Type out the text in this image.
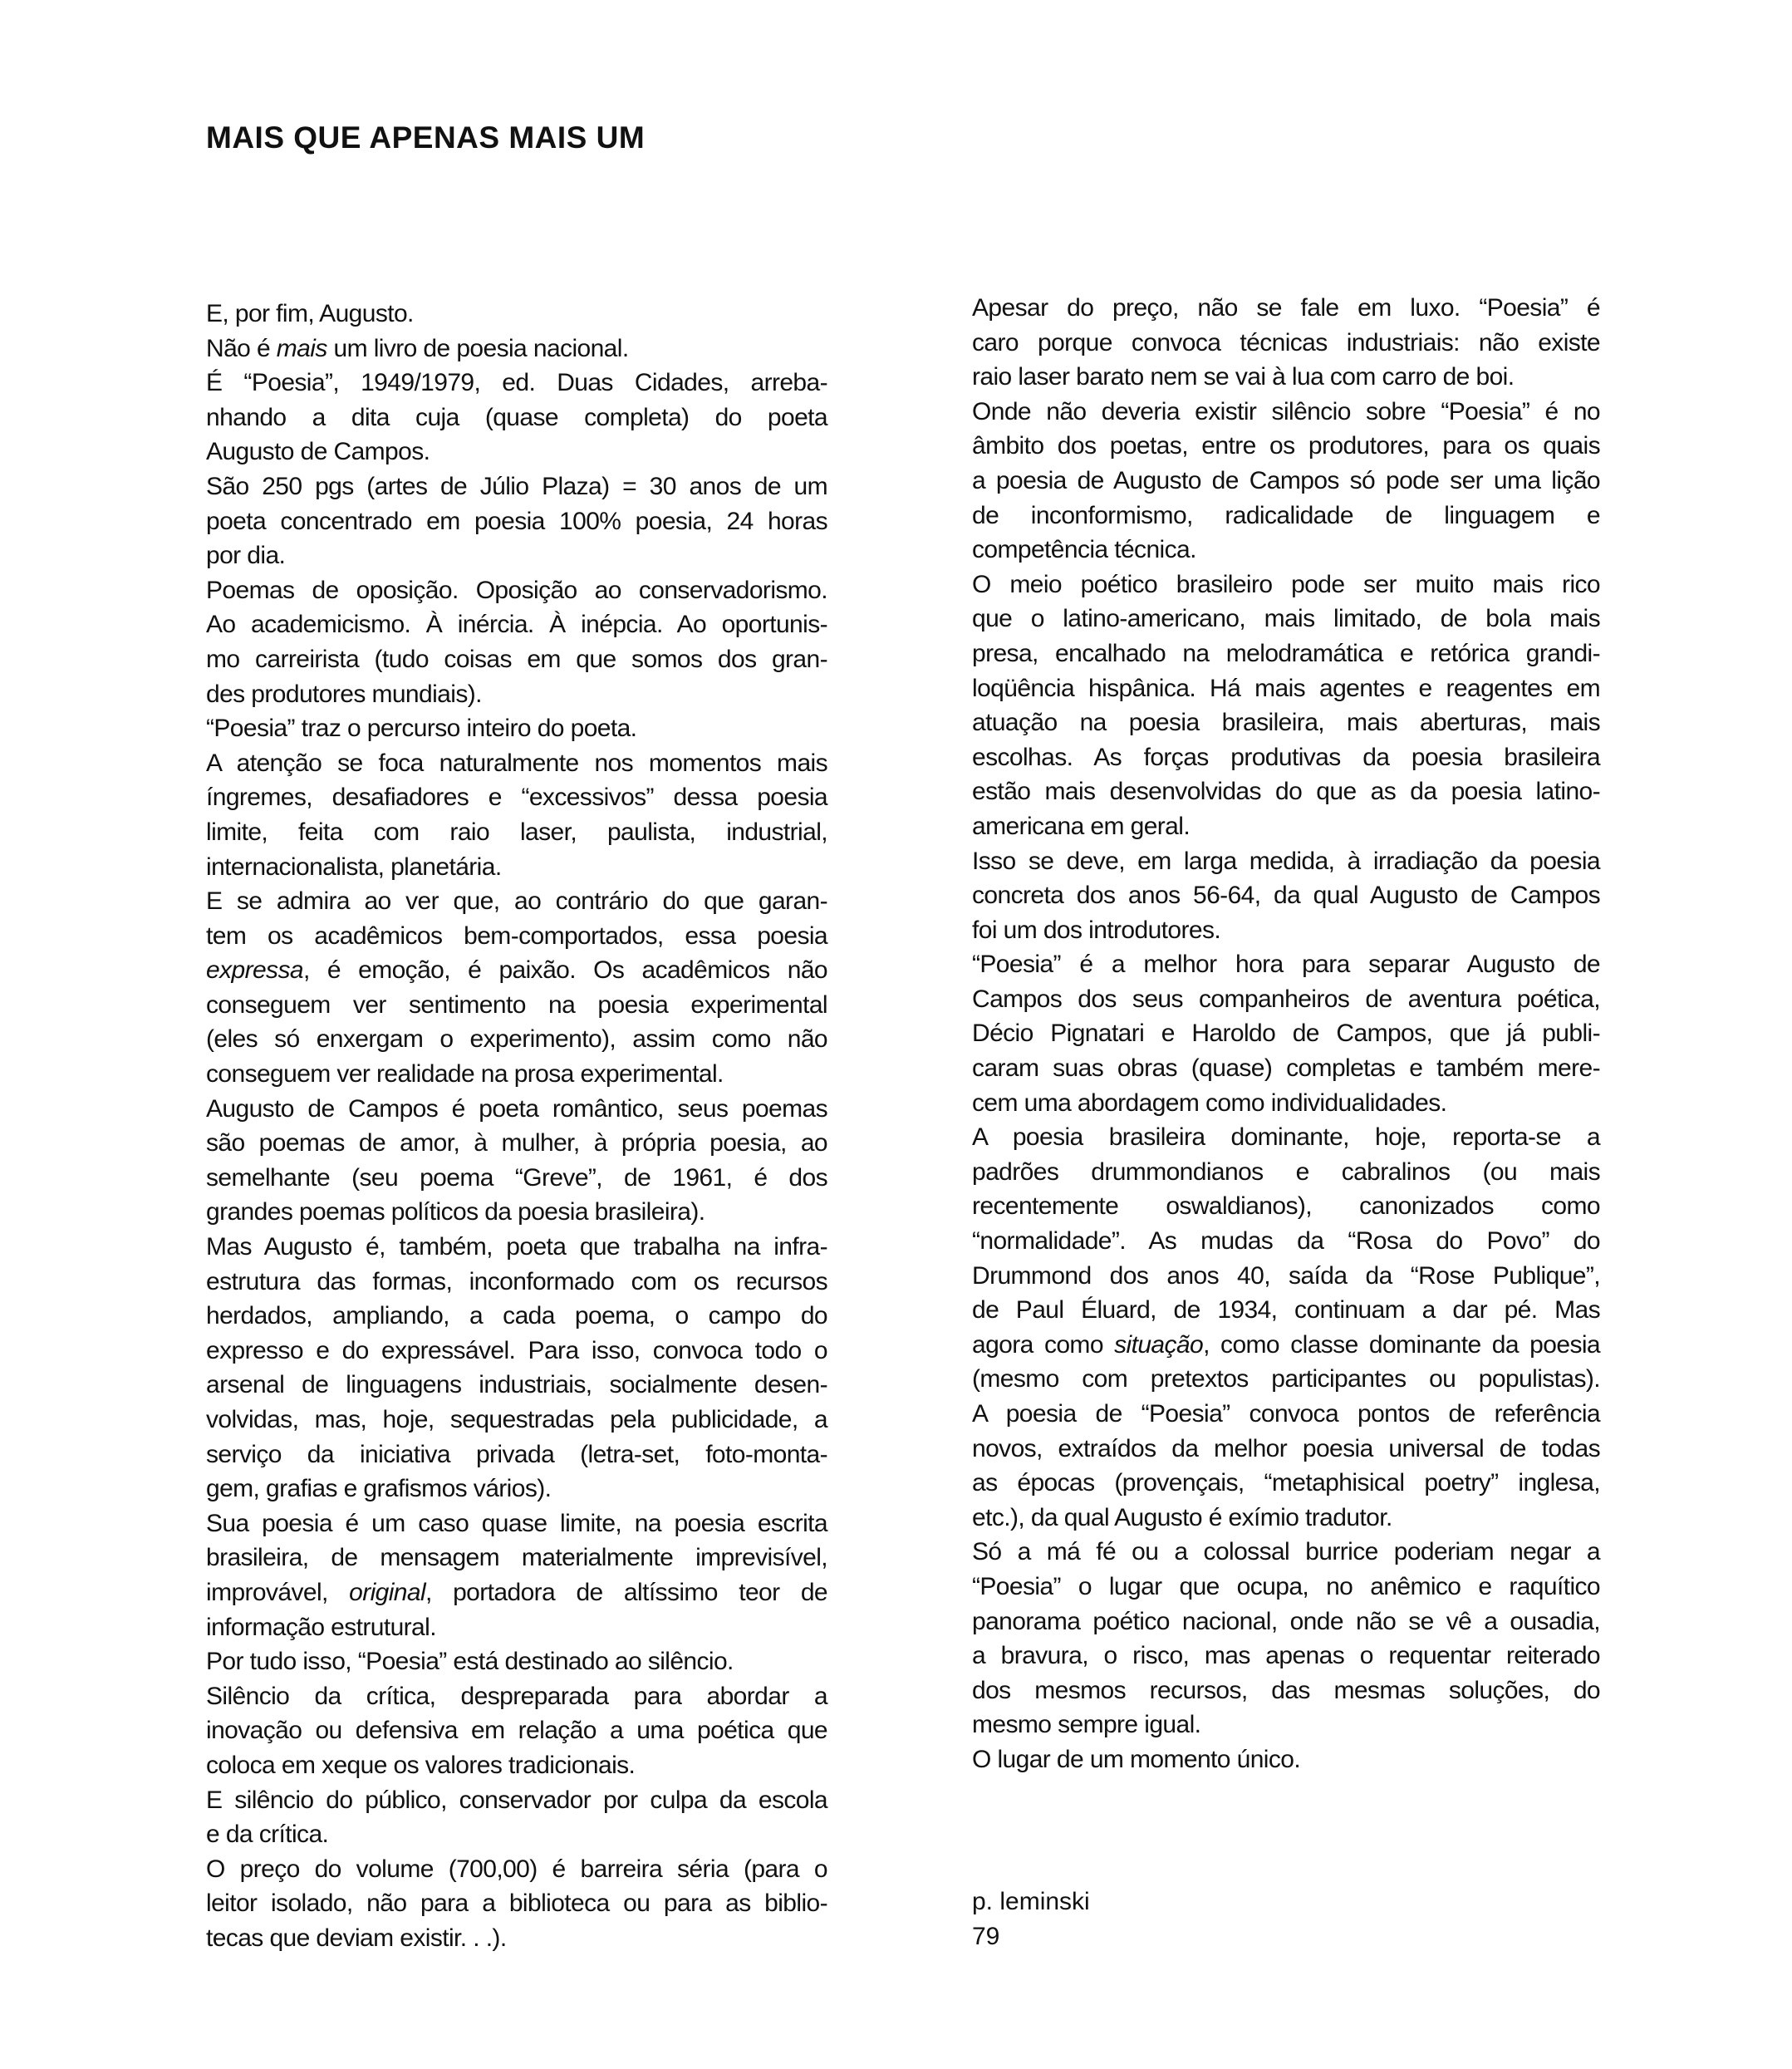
MAIS QUE APENAS MAIS UM
E, por fim, Augusto.
Não é mais um livro de poesia nacional.
É “Poesia”, 1949/1979, ed. Duas Cidades, arreba-
nhando a dita cuja (quase completa) do poeta
Augusto de Campos.
São 250 pgs (artes de Júlio Plaza) = 30 anos de um
poeta concentrado em poesia 100% poesia, 24 horas
por dia.
Poemas de oposição. Oposição ao conservadorismo.
Ao academicismo. À inércia. À inépcia. Ao oportunis-
mo carreirista (tudo coisas em que somos dos gran-
des produtores mundiais).
“Poesia” traz o percurso inteiro do poeta.
A atenção se foca naturalmente nos momentos mais
íngremes, desafiadores e “excessivos” dessa poesia
limite, feita com raio laser, paulista, industrial,
internacionalista, planetária.
E se admira ao ver que, ao contrário do que garan-
tem os acadêmicos bem-comportados, essa poesia
expressa, é emoção, é paixão. Os acadêmicos não
conseguem ver sentimento na poesia experimental
(eles só enxergam o experimento), assim como não
conseguem ver realidade na prosa experimental.
Augusto de Campos é poeta romântico, seus poemas
são poemas de amor, à mulher, à própria poesia, ao
semelhante (seu poema “Greve”, de 1961, é dos
grandes poemas políticos da poesia brasileira).
Mas Augusto é, também, poeta que trabalha na infra-
estrutura das formas, inconformado com os recursos
herdados, ampliando, a cada poema, o campo do
expresso e do expressável. Para isso, convoca todo o
arsenal de linguagens industriais, socialmente desen-
volvidas, mas, hoje, sequestradas pela publicidade, a
serviço da iniciativa privada (letra-set, foto-monta-
gem, grafias e grafismos vários).
Sua poesia é um caso quase limite, na poesia escrita
brasileira, de mensagem materialmente imprevisível,
improvável, original, portadora de altíssimo teor de
informação estrutural.
Por tudo isso, “Poesia” está destinado ao silêncio.
Silêncio da crítica, despreparada para abordar a
inovação ou defensiva em relação a uma poética que
coloca em xeque os valores tradicionais.
E silêncio do público, conservador por culpa da escola
e da crítica.
O preço do volume (700,00) é barreira séria (para o
leitor isolado, não para a biblioteca ou para as biblio-
tecas que deviam existir. . .).
Apesar do preço, não se fale em luxo. “Poesia” é
caro porque convoca técnicas industriais: não existe
raio laser barato nem se vai à lua com carro de boi.
Onde não deveria existir silêncio sobre “Poesia” é no
âmbito dos poetas, entre os produtores, para os quais
a poesia de Augusto de Campos só pode ser uma lição
de inconformismo, radicalidade de linguagem e
competência técnica.
O meio poético brasileiro pode ser muito mais rico
que o latino-americano, mais limitado, de bola mais
presa, encalhado na melodramática e retórica grandi-
loqüência hispânica. Há mais agentes e reagentes em
atuação na poesia brasileira, mais aberturas, mais
escolhas. As forças produtivas da poesia brasileira
estão mais desenvolvidas do que as da poesia latino-
americana em geral.
Isso se deve, em larga medida, à irradiação da poesia
concreta dos anos 56-64, da qual Augusto de Campos
foi um dos introdutores.
“Poesia” é a melhor hora para separar Augusto de
Campos dos seus companheiros de aventura poética,
Décio Pignatari e Haroldo de Campos, que já publi-
caram suas obras (quase) completas e também mere-
cem uma abordagem como individualidades.
A poesia brasileira dominante, hoje, reporta-se a
padrões drummondianos e cabralinos (ou mais
recentemente oswaldianos), canonizados como
“normalidade”. As mudas da “Rosa do Povo” do
Drummond dos anos 40, saída da “Rose Publique”,
de Paul Éluard, de 1934, continuam a dar pé. Mas
agora como situação, como classe dominante da poesia
(mesmo com pretextos participantes ou populistas).
A poesia de “Poesia” convoca pontos de referência
novos, extraídos da melhor poesia universal de todas
as épocas (provençais, “metaphisical poetry” inglesa,
etc.), da qual Augusto é exímio tradutor.
Só a má fé ou a colossal burrice poderiam negar a
“Poesia” o lugar que ocupa, no anêmico e raquítico
panorama poético nacional, onde não se vê a ousadia,
a bravura, o risco, mas apenas o requentar reiterado
dos mesmos recursos, das mesmas soluções, do
mesmo sempre igual.
O lugar de um momento único.
p. leminski
79
